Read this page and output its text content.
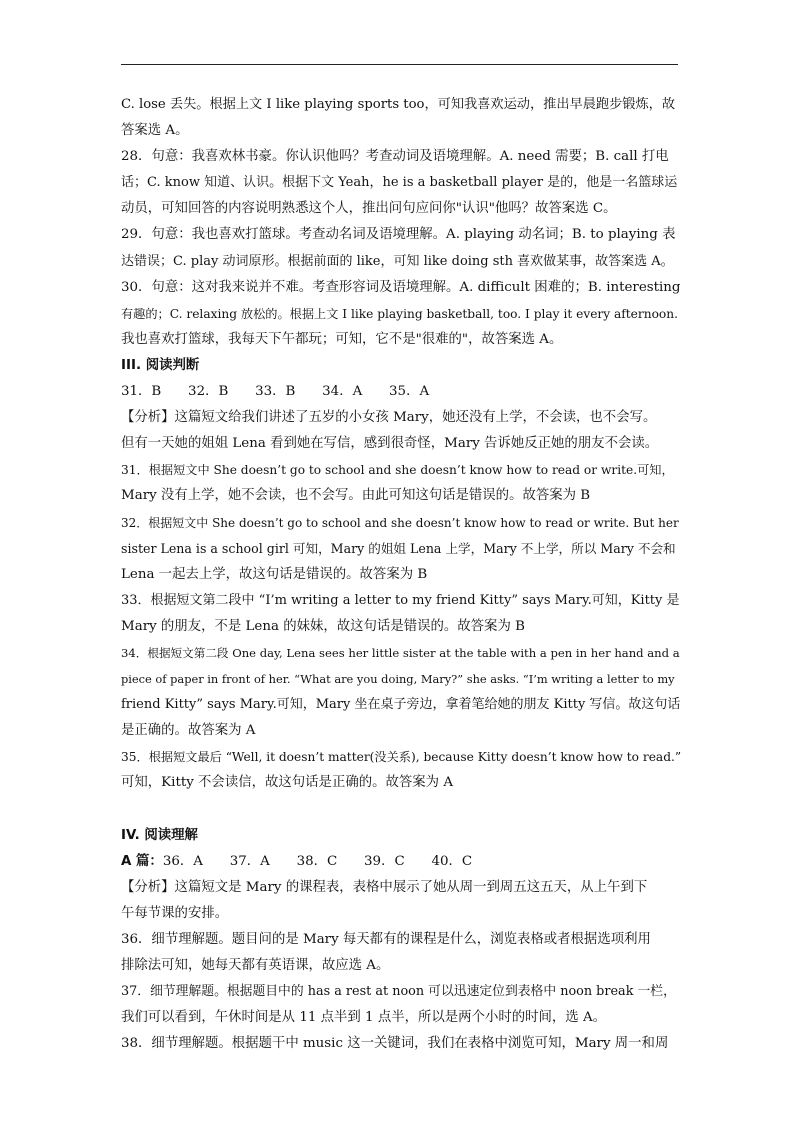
C. lose 丢失。根据上文 I like playing sports too，可知我喜欢运动，推出早晨跑步锻炼，故
答案选 A。
28．句意：我喜欢林书豪。你认识他吗？考查动词及语境理解。A. need 需要；B. call 打电
话；C. know 知道、认识。根据下文 Yeah，he is a basketball player 是的，他是一名篮球运
动员，可知回答的内容说明熟悉这个人，推出问句应问你"认识"他吗？故答案选 C。
29．句意：我也喜欢打篮球。考查动名词及语境理解。A. playing 动名词；B. to playing 表
达错误；C. play 动词原形。根据前面的 like，可知 like doing sth 喜欢做某事，故答案选 A。
30．句意：这对我来说并不难。考查形容词及语境理解。A. difficult 困难的；B. interesting
有趣的；C. relaxing 放松的。根据上文 I like playing basketball, too. I play it every afternoon.
我也喜欢打篮球，我每天下午都玩；可知，它不是"很难的"，故答案选 A。
III. 阅读判断
31．B　　32．B　　33．B　　34．A　　35．A
【分析】这篇短文给我们讲述了五岁的小女孩 Mary，她还没有上学，不会读，也不会写。
但有一天她的姐姐 Lena 看到她在写信，感到很奇怪，Mary 告诉她反正她的朋友不会读。
31．根据短文中 She doesn’t go to school and she doesn’t know how to read or write.可知，
Mary 没有上学，她不会读，也不会写。由此可知这句话是错误的。故答案为 B
32．根据短文中 She doesn’t go to school and she doesn’t know how to read or write. But her
sister Lena is a school girl 可知，Mary 的姐姐 Lena 上学，Mary 不上学，所以 Mary 不会和
Lena 一起去上学，故这句话是错误的。故答案为 B
33．根据短文第二段中 “I’m writing a letter to my friend Kitty” says Mary.可知，Kitty 是
Mary 的朋友，不是 Lena 的妹妹，故这句话是错误的。故答案为 B
34．根据短文第二段 One day, Lena sees her little sister at the table with a pen in her hand and a
piece of paper in front of her. “What are you doing, Mary?” she asks. “I’m writing a letter to my
friend Kitty” says Mary.可知，Mary 坐在桌子旁边，拿着笔给她的朋友 Kitty 写信。故这句话
是正确的。故答案为 A
35．根据短文最后 “Well, it doesn’t matter(没关系), because Kitty doesn’t know how to read.”
可知，Kitty 不会读信，故这句话是正确的。故答案为 A
IV. 阅读理解
A 篇：36．A　　37．A　　38．C　　39．C　　40．C
【分析】这篇短文是 Mary 的课程表，表格中展示了她从周一到周五这五天，从上午到下
午每节课的安排。
36．细节理解题。题目问的是 Mary 每天都有的课程是什么，浏览表格或者根据选项利用
排除法可知，她每天都有英语课，故应选 A。
37．细节理解题。根据题目中的 has a rest at noon 可以迅速定位到表格中 noon break 一栏，
我们可以看到，午休时间是从 11 点半到 1 点半，所以是两个小时的时间，选 A。
38．细节理解题。根据题干中 music 这一关键词，我们在表格中浏览可知，Mary 周一和周
